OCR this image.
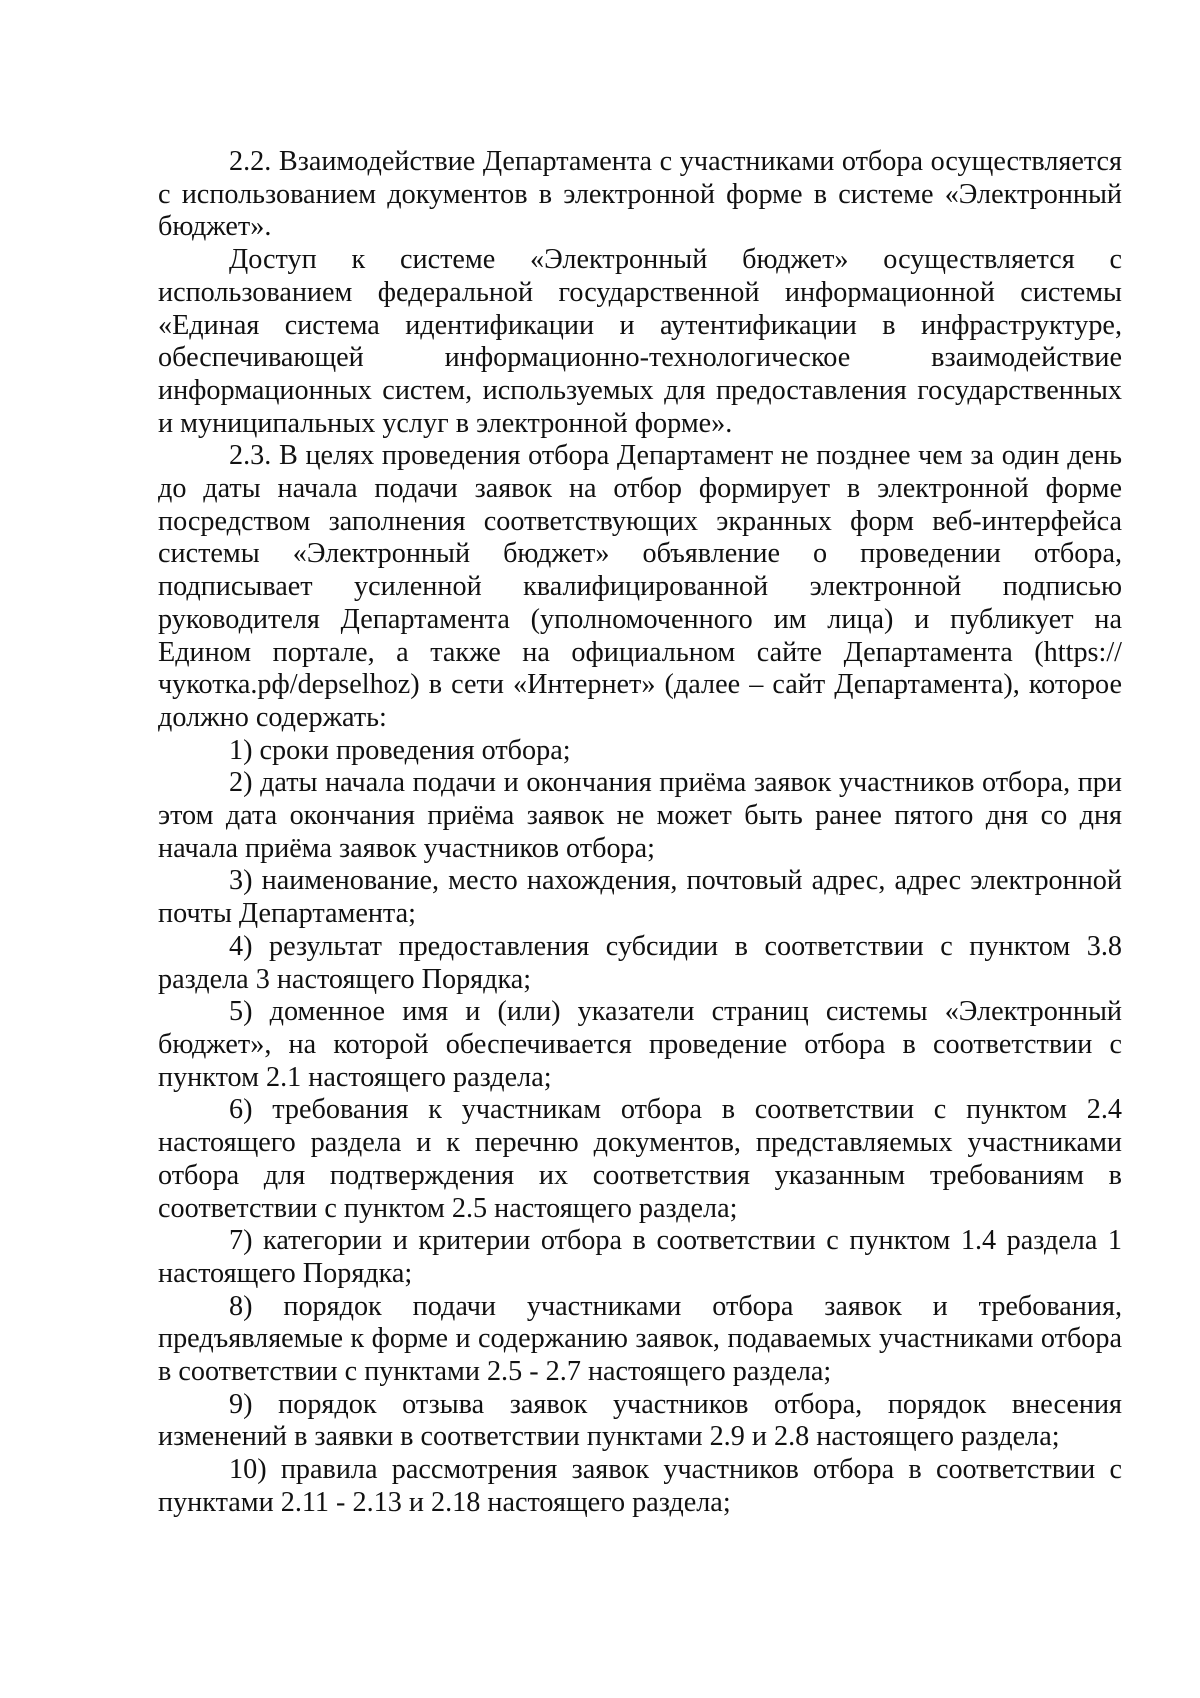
2.2. Взаимодействие Департамента с участниками отбора осуществляется с использованием документов в электронной форме в системе «Электронный бюджет».

Доступ к системе «Электронный бюджет» осуществляется с использованием федеральной государственной информационной системы «Единая система идентификации и аутентификации в инфраструктуре, обеспечивающей информационно-технологическое взаимодействие информационных систем, используемых для предоставления государственных и муниципальных услуг в электронной форме».

2.3. В целях проведения отбора Департамент не позднее чем за один день до даты начала подачи заявок на отбор формирует в электронной форме посредством заполнения соответствующих экранных форм веб-интерфейса системы «Электронный бюджет» объявление о проведении отбора, подписывает усиленной квалифицированной электронной подписью руководителя Департамента (уполномоченного им лица) и публикует на Едином портале, а также на официальном сайте Департамента (https://чукотка.рф/depselhoz) в сети «Интернет» (далее – сайт Департамента), которое должно содержать:

1) сроки проведения отбора;

2) даты начала подачи и окончания приёма заявок участников отбора, при этом дата окончания приёма заявок не может быть ранее пятого дня со дня начала приёма заявок участников отбора;

3) наименование, место нахождения, почтовый адрес, адрес электронной почты Департамента;

4) результат предоставления субсидии в соответствии с пунктом 3.8 раздела 3 настоящего Порядка;

5) доменное имя и (или) указатели страниц системы «Электронный бюджет», на которой обеспечивается проведение отбора в соответствии с пунктом 2.1 настоящего раздела;

6) требования к участникам отбора в соответствии с пунктом 2.4 настоящего раздела и к перечню документов, представляемых участниками отбора для подтверждения их соответствия указанным требованиям в соответствии с пунктом 2.5 настоящего раздела;

7) категории и критерии отбора в соответствии с пунктом 1.4 раздела 1 настоящего Порядка;

8) порядок подачи участниками отбора заявок и требования, предъявляемые к форме и содержанию заявок, подаваемых участниками отбора в соответствии с пунктами 2.5 - 2.7 настоящего раздела;

9) порядок отзыва заявок участников отбора, порядок внесения изменений в заявки в соответствии пунктами 2.9 и 2.8 настоящего раздела;

10) правила рассмотрения заявок участников отбора в соответствии с пунктами 2.11 - 2.13 и 2.18 настоящего раздела;
